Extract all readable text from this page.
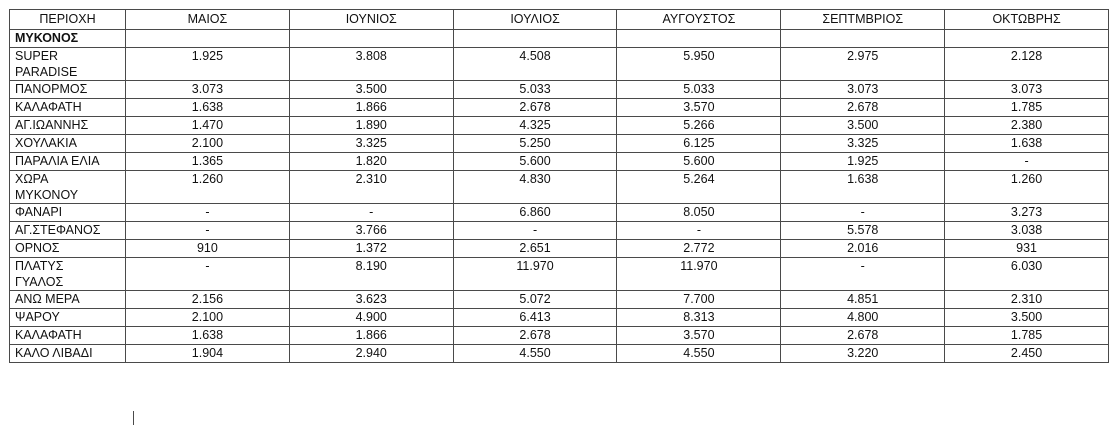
ΠΕΡΙΟΧΗ	ΜΑΙΟΣ	ΙΟΥΝΙΟΣ	ΙΟΥΛΙΟΣ	ΑΥΓΟΥΣΤΟΣ	ΣΕΠΤΜΒΡΙΟΣ	ΟΚΤΩΒΡΗΣ
ΜΥΚΟΝΟΣ						
SUPER
PARADISE	1.925	3.808	4.508	5.950	2.975	2.128
ΠΑΝΟΡΜΟΣ	3.073	3.500	5.033	5.033	3.073	3.073
ΚΑΛΑΦΑΤΗ	1.638	1.866	2.678	3.570	2.678	1.785
ΑΓ.ΙΩΑΝΝΗΣ	1.470	1.890	4.325	5.266	3.500	2.380
ΧΟΥΛΑΚΙΑ	2.100	3.325	5.250	6.125	3.325	1.638
ΠΑΡΑΛΙΑ ΕΛΙΑ	1.365	1.820	5.600	5.600	1.925	-
ΧΩΡΑ
ΜΥΚΟΝΟΥ	1.260	2.310	4.830	5.264	1.638	1.260
ΦΑΝΑΡΙ	-	-	6.860	8.050	-	3.273
ΑΓ.ΣΤΕΦΑΝΟΣ	-	3.766	-	-	5.578	3.038
ΟΡΝΟΣ	910	1.372	2.651	2.772	2.016	931
ΠΛΑΤΥΣ
ΓΥΑΛΟΣ	-	8.190	11.970	11.970	-	6.030
ΑΝΩ ΜΕΡΑ	2.156	3.623	5.072	7.700	4.851	2.310
ΨΑΡΟΥ	2.100	4.900	6.413	8.313	4.800	3.500
ΚΑΛΑΦΑΤΗ	1.638	1.866	2.678	3.570	2.678	1.785
ΚΑΛΟ ΛΙΒΑΔΙ	1.904	2.940	4.550	4.550	3.220	2.450
